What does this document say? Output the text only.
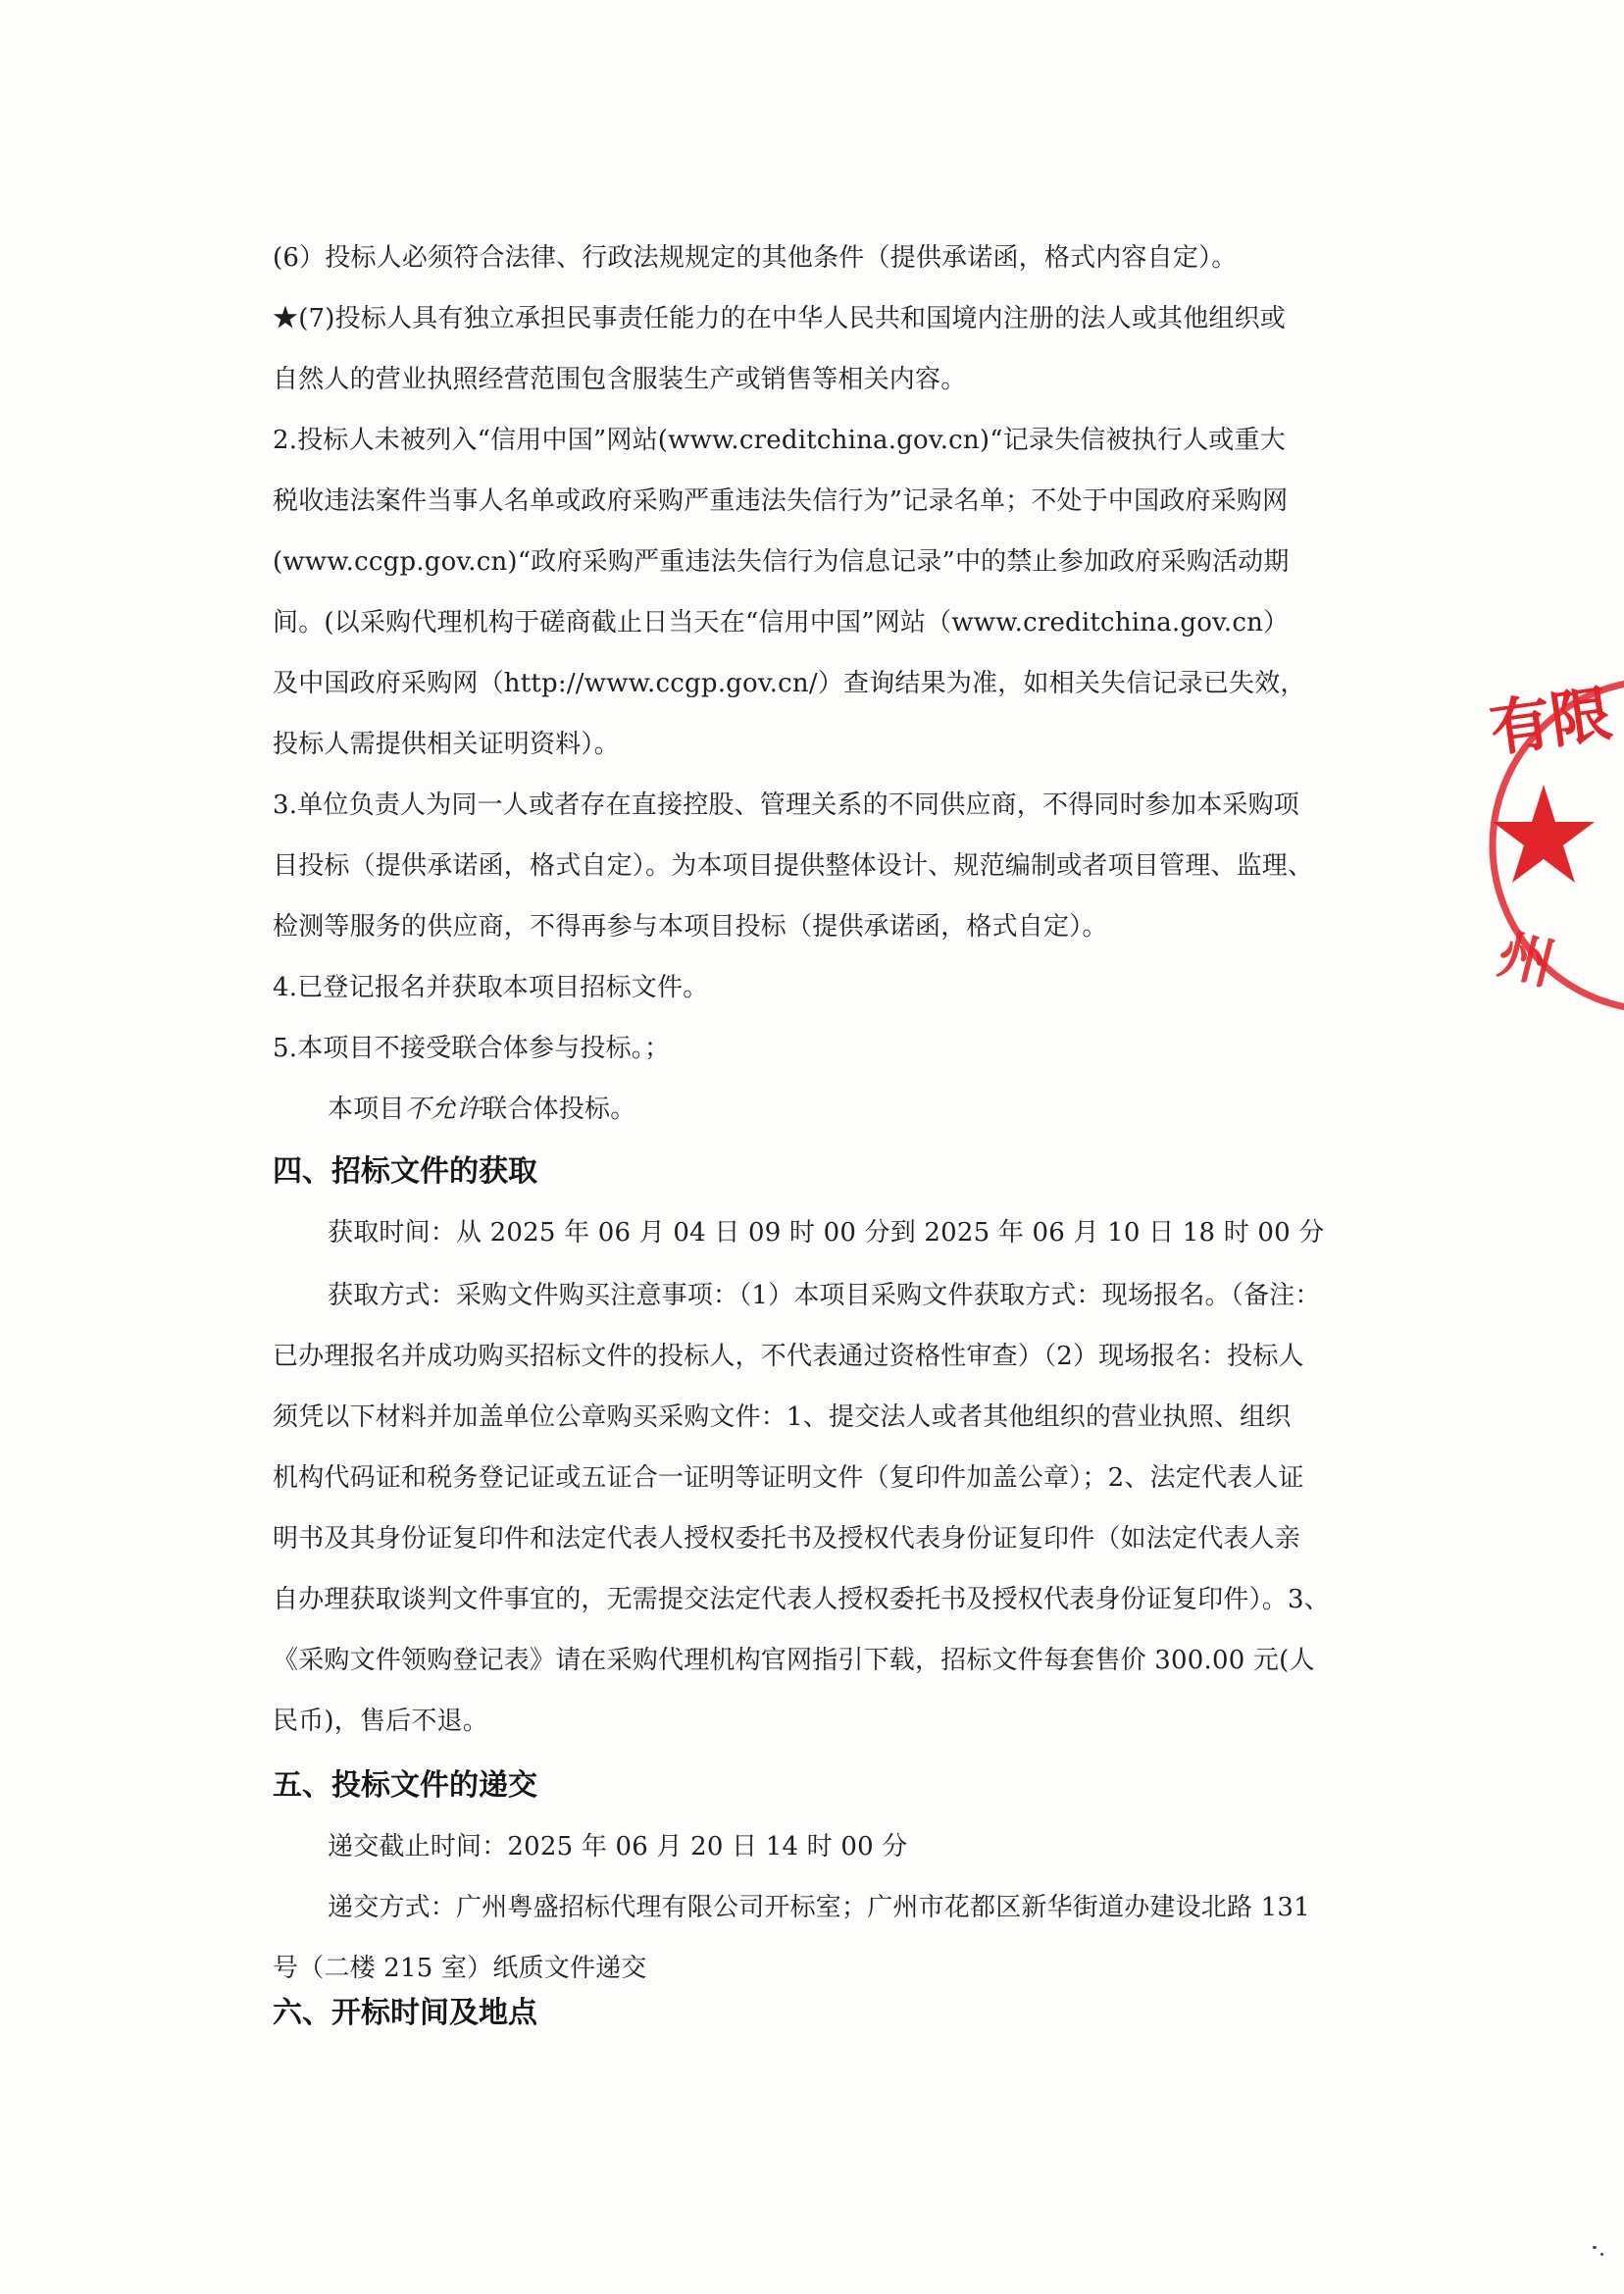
(6）投标人必须符合法律、行政法规规定的其他条件（提供承诺函，格式内容自定）。
★(7)投标人具有独立承担民事责任能力的在中华人民共和国境内注册的法人或其他组织或
自然人的营业执照经营范围包含服装生产或销售等相关内容。
2.投标人未被列入“信用中国”网站(www.creditchina.gov.cn)“记录失信被执行人或重大
税收违法案件当事人名单或政府采购严重违法失信行为”记录名单；不处于中国政府采购网
(www.ccgp.gov.cn)“政府采购严重违法失信行为信息记录”中的禁止参加政府采购活动期
间。(以采购代理机构于磋商截止日当天在“信用中国”网站（www.creditchina.gov.cn）
及中国政府采购网（http://www.ccgp.gov.cn/）查询结果为准，如相关失信记录已失效，
投标人需提供相关证明资料）。
3.单位负责人为同一人或者存在直接控股、管理关系的不同供应商，不得同时参加本采购项
目投标（提供承诺函，格式自定）。为本项目提供整体设计、规范编制或者项目管理、监理、
检测等服务的供应商，不得再参与本项目投标（提供承诺函，格式自定）。
4.已登记报名并获取本项目招标文件。
5.本项目不接受联合体参与投标。；
本项目不允许联合体投标。
四、招标文件的获取
获取时间：从 2025 年 06 月 04 日 09 时 00 分到 2025 年 06 月 10 日 18 时 00 分
获取方式：采购文件购买注意事项：（1）本项目采购文件获取方式：现场报名。（备注：
已办理报名并成功购买招标文件的投标人，不代表通过资格性审查）（2）现场报名：投标人
须凭以下材料并加盖单位公章购买采购文件：1、提交法人或者其他组织的营业执照、组织
机构代码证和税务登记证或五证合一证明等证明文件（复印件加盖公章）；2、法定代表人证
明书及其身份证复印件和法定代表人授权委托书及授权代表身份证复印件（如法定代表人亲
自办理获取谈判文件事宜的，无需提交法定代表人授权委托书及授权代表身份证复印件）。3、
《采购文件领购登记表》请在采购代理机构官网指引下载，招标文件每套售价 300.00 元(人
民币)，售后不退。
五、投标文件的递交
递交截止时间：2025 年 06 月 20 日 14 时 00 分
递交方式：广州粤盛招标代理有限公司开标室；广州市花都区新华街道办建设北路 131
号（二楼 215 室）纸质文件递交
六、开标时间及地点
有限
州
